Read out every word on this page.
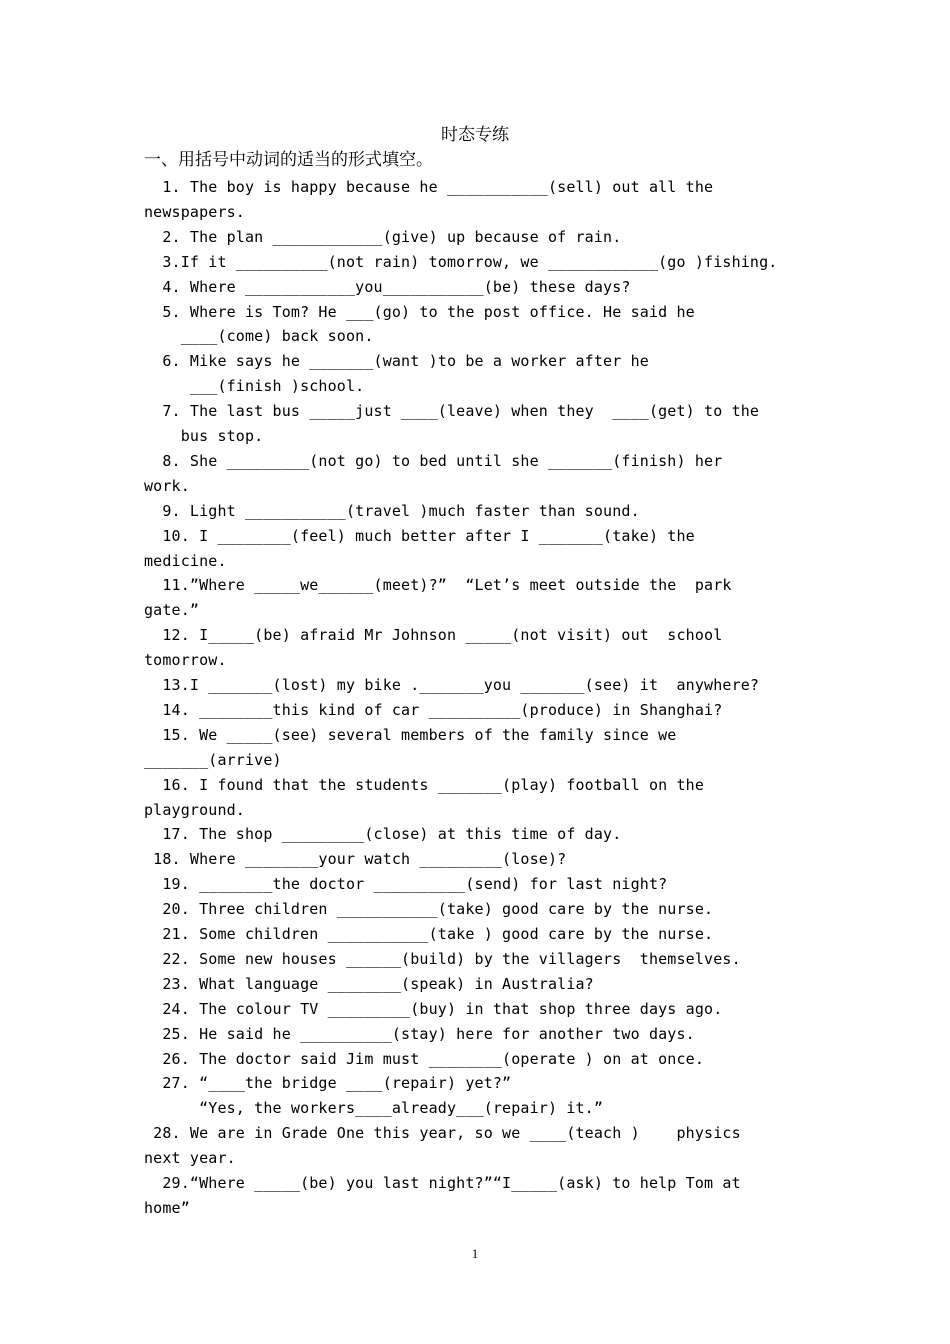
时态专练
一、用括号中动词的适当的形式填空。
1. The boy is happy because he ___________(sell) out all the
newspapers.
2. The plan ____________(give) up because of rain.
3.If it __________(not rain) tomorrow, we ____________(go )fishing.
4. Where ____________you___________(be) these days?
5. Where is Tom? He ___(go) to the post office. He said he
____(come) back soon.
6. Mike says he _______(want )to be a worker after he
___(finish )school.
7. The last bus _____just ____(leave) when they  ____(get) to the
bus stop.
8. She _________(not go) to bed until she _______(finish) her
work.
9. Light ___________(travel )much faster than sound.
10. I ________(feel) much better after I _______(take) the
medicine.
11.”Where _____we______(meet)?”  “Let’s meet outside the  park
gate.”
12. I_____(be) afraid Mr Johnson _____(not visit) out  school
tomorrow.
13.I _______(lost) my bike ._______you _______(see) it  anywhere?
14. ________this kind of car __________(produce) in Shanghai?
15. We _____(see) several members of the family since we
_______(arrive)
16. I found that the students _______(play) football on the
playground.
17. The shop _________(close) at this time of day.
18. Where ________your watch _________(lose)?
19. ________the doctor __________(send) for last night?
20. Three children ___________(take) good care by the nurse.
21. Some children ___________(take ) good care by the nurse.
22. Some new houses ______(build) by the villagers  themselves.
23. What language ________(speak) in Australia?
24. The colour TV _________(buy) in that shop three days ago.
25. He said he __________(stay) here for another two days.
26. The doctor said Jim must ________(operate ) on at once.
27. “____the bridge ____(repair) yet?”
“Yes, the workers____already___(repair) it.”
28. We are in Grade One this year, so we ____(teach )    physics
next year.
29.“Where _____(be) you last night?”“I_____(ask) to help Tom at
home”
1
